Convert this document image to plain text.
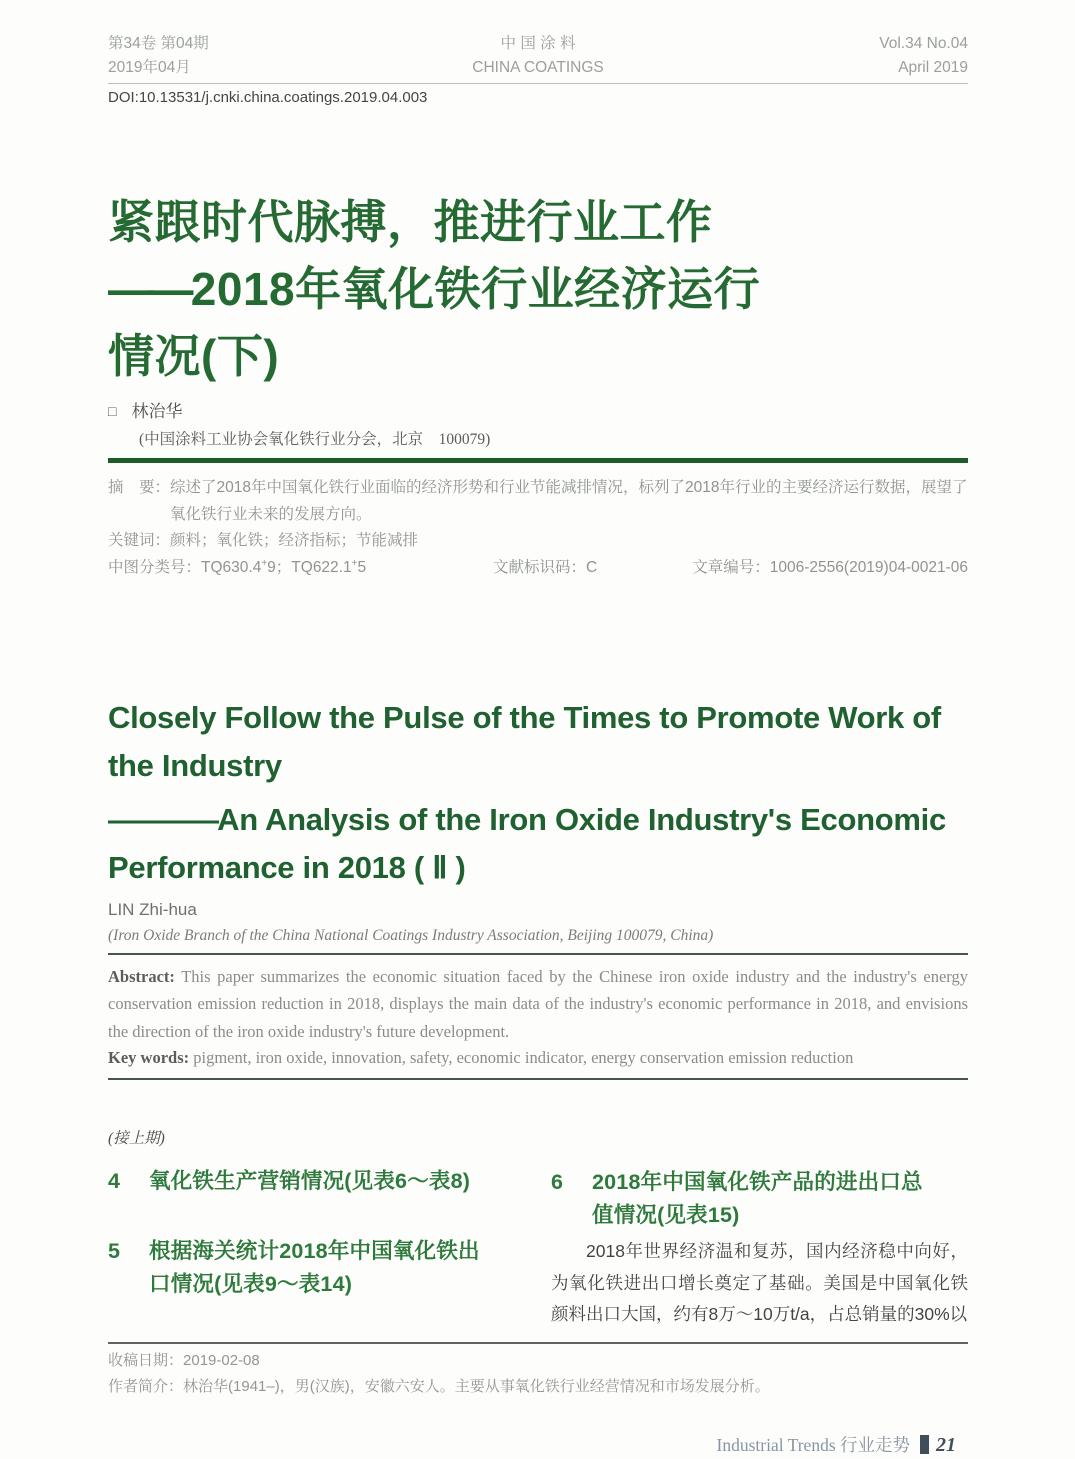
第34卷 第04期
2019年04月
中 国 涂 料
CHINA COATINGS
Vol.34 No.04
April 2019
DOI:10.13531/j.cnki.china.coatings.2019.04.003
紧跟时代脉搏，推进行业工作
——2018年氧化铁行业经济运行
情况(下)
□ 林治华
(中国涂料工业协会氧化铁行业分会，北京　100079)
摘　要： 综述了2018年中国氧化铁行业面临的经济形势和行业节能减排情况，标列了2018年行业的主要经济运行数据，展望了氧化铁行业未来的发展方向。
关键词：颜料；氧化铁；经济指标；节能减排
中图分类号：TQ630.4+9；TQ622.1+5	文献标识码：C	文章编号：1006-2556(2019)04-0021-06
Closely Follow the Pulse of the Times to Promote Work of the Industry
————An Analysis of the Iron Oxide Industry's Economic Performance in 2018 ( Ⅱ )
LIN Zhi-hua
(Iron Oxide Branch of the China National Coatings Industry Association, Beijing 100079, China)
Abstract: This paper summarizes the economic situation faced by the Chinese iron oxide industry and the industry's energy conservation emission reduction in 2018, displays the main data of the industry's economic performance in 2018, and envisions the direction of the iron oxide industry's future development.
Key words: pigment, iron oxide, innovation, safety, economic indicator, energy conservation emission reduction
(接上期)
4	氧化铁生产营销情况(见表6～表8)
5	根据海关统计2018年中国氧化铁出口情况(见表9～表14)
6	2018年中国氧化铁产品的进出口总值情况(见表15)
2018年世界经济温和复苏，国内经济稳中向好，为氧化铁进出口增长奠定了基础。美国是中国氧化铁颜料出口大国，约有8万～10万t/a，占总销量的30%以
收稿日期：2019-02-08
作者简介：林治华(1941–)，男(汉族)，安徽六安人。主要从事氧化铁行业经营情况和市场发展分析。
Industrial Trends 行业走势 21
